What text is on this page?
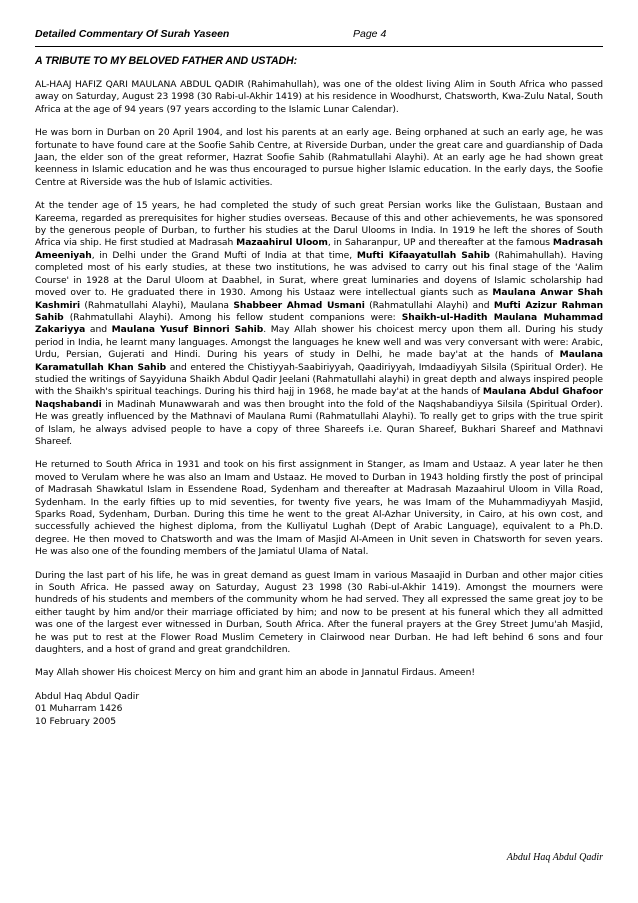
Detailed Commentary Of Surah Yaseen	Page 4
A TRIBUTE TO MY BELOVED FATHER AND USTADH:

AL-HAAJ HAFIZ QARI MAULANA ABDUL QADIR (Rahimahullah), was one of the oldest living Alim in South Africa who passed away on Saturday, August 23 1998 (30 Rabi-ul-Akhir 1419) at his residence in Woodhurst, Chatsworth, Kwa-Zulu Natal, South Africa at the age of 94 years (97 years according to the Islamic Lunar Calendar).

He was born in Durban on 20 April 1904, and lost his parents at an early age. Being orphaned at such an early age, he was fortunate to have found care at the Soofie Sahib Centre, at Riverside Durban, under the great care and guardianship of Dada Jaan, the elder son of the great reformer, Hazrat Soofie Sahib (Rahmatullahi Alayhi). At an early age he had shown great keenness in Islamic education and he was thus encouraged to pursue higher Islamic education. In the early days, the Soofie Centre at Riverside was the hub of Islamic activities.

At the tender age of 15 years, he had completed the study of such great Persian works like the Gulistaan, Bustaan and Kareema, regarded as prerequisites for higher studies overseas. Because of this and other achievements, he was sponsored by the generous people of Durban, to further his studies at the Darul Ulooms in India. In 1919 he left the shores of South Africa via ship. He first studied at Madrasah Mazaahirul Uloom, in Saharanpur, UP and thereafter at the famous Madrasah Ameeniyah, in Delhi under the Grand Mufti of India at that time, Mufti Kifaayatullah Sahib (Rahimahullah). Having completed most of his early studies, at these two institutions, he was advised to carry out his final stage of the 'Aalim Course' in 1928 at the Darul Uloom at Daabhel, in Surat, where great luminaries and doyens of Islamic scholarship had moved over to. He graduated there in 1930. Among his Ustaaz were intellectual giants such as Maulana Anwar Shah Kashmiri (Rahmatullahi Alayhi), Maulana Shabbeer Ahmad Usmani (Rahmatullahi Alayhi) and Mufti Azizur Rahman Sahib (Rahmatullahi Alayhi). Among his fellow student companions were: Shaikh-ul-Hadith Maulana Muhammad Zakariyya and Maulana Yusuf Binnori Sahib. May Allah shower his choicest mercy upon them all. During his study period in India, he learnt many languages. Amongst the languages he knew well and was very conversant with were: Arabic, Urdu, Persian, Gujerati and Hindi. During his years of study in Delhi, he made bay'at at the hands of Maulana Karamatullah Khan Sahib and entered the Chistiyyah-Saabiriyyah, Qaadiriyyah, Imdaadiyyah Silsila (Spiritual Order). He studied the writings of Sayyiduna Shaikh Abdul Qadir Jeelani (Rahmatullahi alayhi) in great depth and always inspired people with the Shaikh's spiritual teachings. During his third hajj in 1968, he made bay'at at the hands of Maulana Abdul Ghafoor Naqshabandi in Madinah Munawwarah and was then brought into the fold of the Naqshabandiyya Silsila (Spiritual Order). He was greatly influenced by the Mathnavi of Maulana Rumi (Rahmatullahi Alayhi). To really get to grips with the true spirit of Islam, he always advised people to have a copy of three Shareefs i.e. Quran Shareef, Bukhari Shareef and Mathnavi Shareef.

He returned to South Africa in 1931 and took on his first assignment in Stanger, as Imam and Ustaaz. A year later he then moved to Verulam where he was also an Imam and Ustaaz. He moved to Durban in 1943 holding firstly the post of principal of Madrasah Shawkatul Islam in Essendene Road, Sydenham and thereafter at Madrasah Mazaahirul Uloom in Villa Road, Sydenham. In the early fifties up to mid seventies, for twenty five years, he was Imam of the Muhammadiyyah Masjid, Sparks Road, Sydenham, Durban. During this time he went to the great Al-Azhar University, in Cairo, at his own cost, and successfully achieved the highest diploma, from the Kulliyatul Lughah (Dept of Arabic Language), equivalent to a Ph.D. degree. He then moved to Chatsworth and was the Imam of Masjid Al-Ameen in Unit seven in Chatsworth for seven years. He was also one of the founding members of the Jamiatul Ulama of Natal.

During the last part of his life, he was in great demand as guest Imam in various Masaajid in Durban and other major cities in South Africa. He passed away on Saturday, August 23 1998 (30 Rabi-ul-Akhir 1419). Amongst the mourners were hundreds of his students and members of the community whom he had served. They all expressed the same great joy to be either taught by him and/or their marriage officiated by him; and now to be present at his funeral which they all admitted was one of the largest ever witnessed in Durban, South Africa. After the funeral prayers at the Grey Street Jumu'ah Masjid, he was put to rest at the Flower Road Muslim Cemetery in Clairwood near Durban. He had left behind 6 sons and four daughters, and a host of grand and great grandchildren.

May Allah shower His choicest Mercy on him and grant him an abode in Jannatul Firdaus. Ameen!

Abdul Haq Abdul Qadir
01 Muharram 1426
10 February 2005
Abdul Haq Abdul Qadir
